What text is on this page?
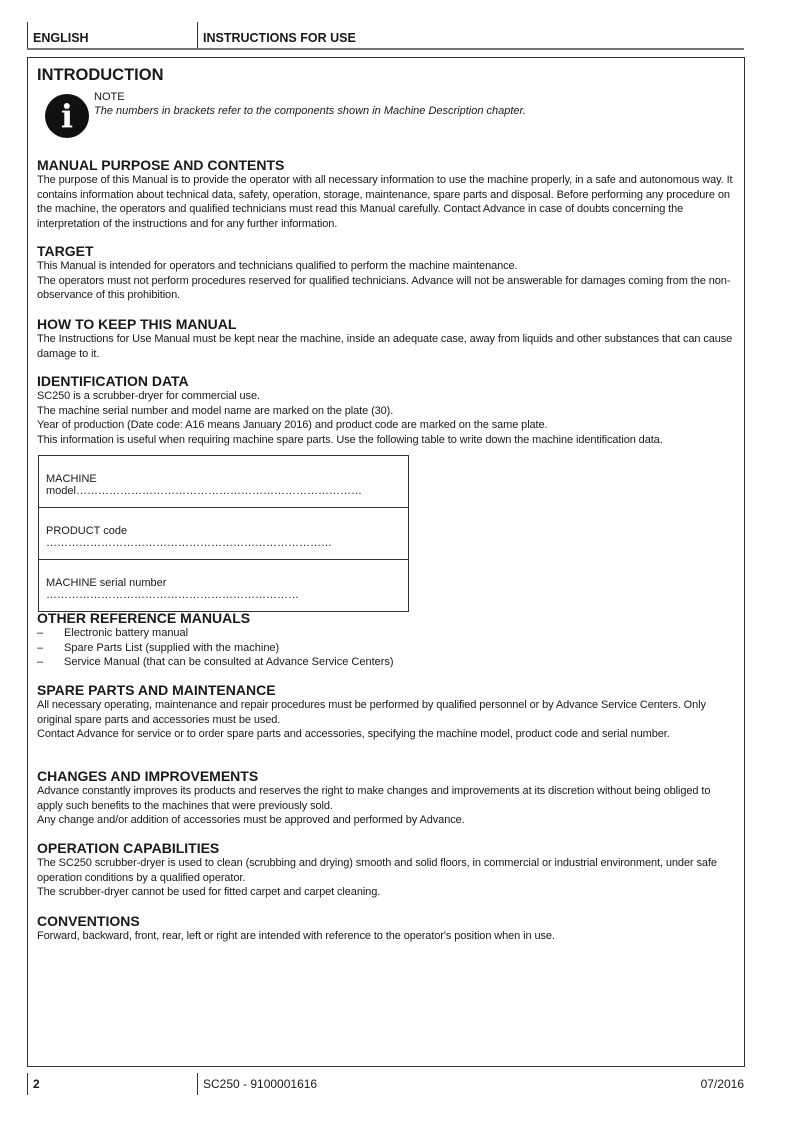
ENGLISH	INSTRUCTIONS FOR USE
INTRODUCTION
i	NOTE
The numbers in brackets refer to the components shown in Machine Description chapter.
MANUAL PURPOSE AND CONTENTS

The purpose of this Manual is to provide the operator with all necessary information to use the machine properly, in a safe and autonomous way. It contains information about technical data, safety, operation, storage, maintenance, spare parts and disposal. Before performing any procedure on the machine, the operators and qualified technicians must read this Manual carefully. Contact Advance in case of doubts concerning the interpretation of the instructions and for any further information.

TARGET

This Manual is intended for operators and technicians qualified to perform the machine maintenance.

The operators must not perform procedures reserved for qualified technicians. Advance will not be answerable for damages coming from the non-observance of this prohibition.

HOW TO KEEP THIS MANUAL

The Instructions for Use Manual must be kept near the machine, inside an adequate case, away from liquids and other substances that can cause damage to it.

IDENTIFICATION DATA

SC250 is a scrubber-dryer for commercial use.

The machine serial number and model name are marked on the plate (30).

Year of production (Date code: A16 means January 2016) and product code are marked on the same plate.

This information is useful when requiring machine spare parts. Use the following table to write down the machine identification data.

MACHINE model……………………………………………………………………
PRODUCT code ……………………………………………………………………
MACHINE serial number ……………………………………………………………
OTHER REFERENCE MANUALS
–	Electronic battery manual
–	Spare Parts List (supplied with the machine)
–	Service Manual (that can be consulted at Advance Service Centers)
SPARE PARTS AND MAINTENANCE

All necessary operating, maintenance and repair procedures must be performed by qualified personnel or by Advance Service Centers. Only original spare parts and accessories must be used.

Contact Advance for service or to order spare parts and accessories, specifying the machine model, product code and serial number.

CHANGES AND IMPROVEMENTS

Advance constantly improves its products and reserves the right to make changes and improvements at its discretion without being obliged to apply such benefits to the machines that were previously sold.

Any change and/or addition of accessories must be approved and performed by Advance.

OPERATION CAPABILITIES

The SC250 scrubber-dryer is used to clean (scrubbing and drying) smooth and solid floors, in commercial or industrial environment, under safe operation conditions by a qualified operator.

The scrubber-dryer cannot be used for fitted carpet and carpet cleaning.

CONVENTIONS

Forward, backward, front, rear, left or right are intended with reference to the operator's position when in use.

2	SC250 - 9100001616	07/2016
